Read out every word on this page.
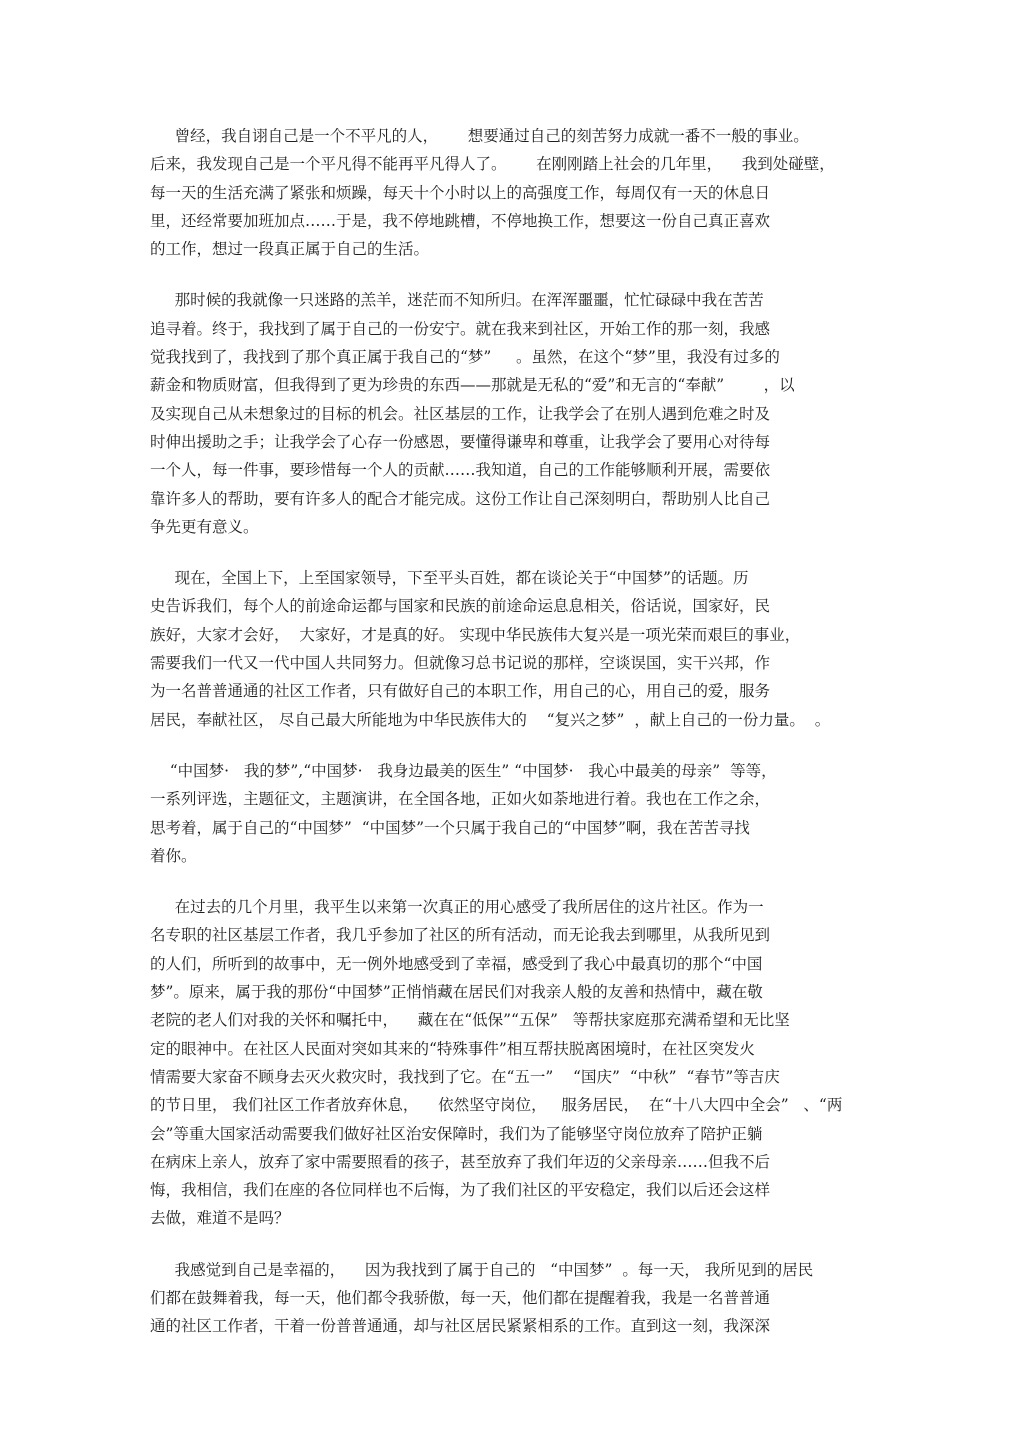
曾经，我自诩自己是一个不平凡的人，      想要通过自己的刻苦努力成就一番不一般的事业。
后来，我发现自己是一个平凡得不能再平凡得人了。      在刚刚踏上社会的几年里，    我到处碰壁，
每一天的生活充满了紧张和烦躁，每天十个小时以上的高强度工作，每周仅有一天的休息日
里，还经常要加班加点……于是，我不停地跳槽，不停地换工作，想要这一份自己真正喜欢
的工作，想过一段真正属于自己的生活。
那时候的我就像一只迷路的羔羊，迷茫而不知所归。在浑浑噩噩，忙忙碌碌中我在苦苦
追寻着。终于，我找到了属于自己的一份安宁。就在我来到社区，开始工作的那一刻，我感
觉我找到了，我找到了那个真正属于我自己的“梦”     。虽然，在这个“梦”里，我没有过多的
薪金和物质财富，但我得到了更为珍贵的东西——那就是无私的“爱”和无言的“奉献”        ，以
及实现自己从未想象过的目标的机会。社区基层的工作，让我学会了在别人遇到危难之时及
时伸出援助之手；让我学会了心存一份感恩，要懂得谦卑和尊重，让我学会了要用心对待每
一个人，每一件事，要珍惜每一个人的贡献……我知道，自己的工作能够顺利开展，需要依
靠许多人的帮助，要有许多人的配合才能完成。这份工作让自己深刻明白，帮助别人比自己
争先更有意义。
现在，全国上下，上至国家领导，下至平头百姓，都在谈论关于“中国梦”的话题。历
史告诉我们，每个人的前途命运都与国家和民族的前途命运息息相关，俗话说，国家好，民
族好，大家才会好，  大家好，才是真的好。 实现中华民族伟大复兴是一项光荣而艰巨的事业，
需要我们一代又一代中国人共同努力。但就像习总书记说的那样，空谈误国，实干兴邦，作
为一名普普通通的社区工作者，只有做好自己的本职工作，用自己的心，用自己的爱，服务
居民，奉献社区， 尽自己最大所能地为中华民族伟大的    “复兴之梦”  ，献上自己的一份力量。  。
“中国梦·   我的梦”,“中国梦·   我身边最美的医生” “中国梦·   我心中最美的母亲”  等等，
一系列评选，主题征文，主题演讲，在全国各地，正如火如荼地进行着。我也在工作之余，
思考着，属于自己的“中国梦”  “中国梦”一个只属于我自己的“中国梦”啊，我在苦苦寻找
着你。
在过去的几个月里，我平生以来第一次真正的用心感受了我所居住的这片社区。作为一
名专职的社区基层工作者，我几乎参加了社区的所有活动，而无论我去到哪里，从我所见到
的人们，所听到的故事中，无一例外地感受到了幸福，感受到了我心中最真切的那个“中国
梦”。原来，属于我的那份“中国梦”正悄悄藏在居民们对我亲人般的友善和热情中，藏在敬
老院的老人们对我的关怀和嘱托中，    藏在在“低保”“五保”   等帮扶家庭那充满希望和无比坚
定的眼神中。在社区人民面对突如其来的“特殊事件”相互帮扶脱离困境时，在社区突发火
情需要大家奋不顾身去灭火救灾时，我找到了它。在“五一”    “国庆”  “中秋”  “春节”等吉庆
的节日里， 我们社区工作者放弃休息，    依然坚守岗位，   服务居民，  在“十八大四中全会”   、“两
会”等重大国家活动需要我们做好社区治安保障时，我们为了能够坚守岗位放弃了陪护正躺
在病床上亲人，放弃了家中需要照看的孩子，甚至放弃了我们年迈的父亲母亲……但我不后
悔，我相信，我们在座的各位同样也不后悔，为了我们社区的平安稳定，我们以后还会这样
去做，难道不是吗？
我感觉到自己是幸福的，    因为我找到了属于自己的   “中国梦”  。每一天， 我所见到的居民
们都在鼓舞着我，每一天，他们都令我骄傲，每一天，他们都在提醒着我，我是一名普普通
通的社区工作者，干着一份普普通通，却与社区居民紧紧相系的工作。直到这一刻，我深深
